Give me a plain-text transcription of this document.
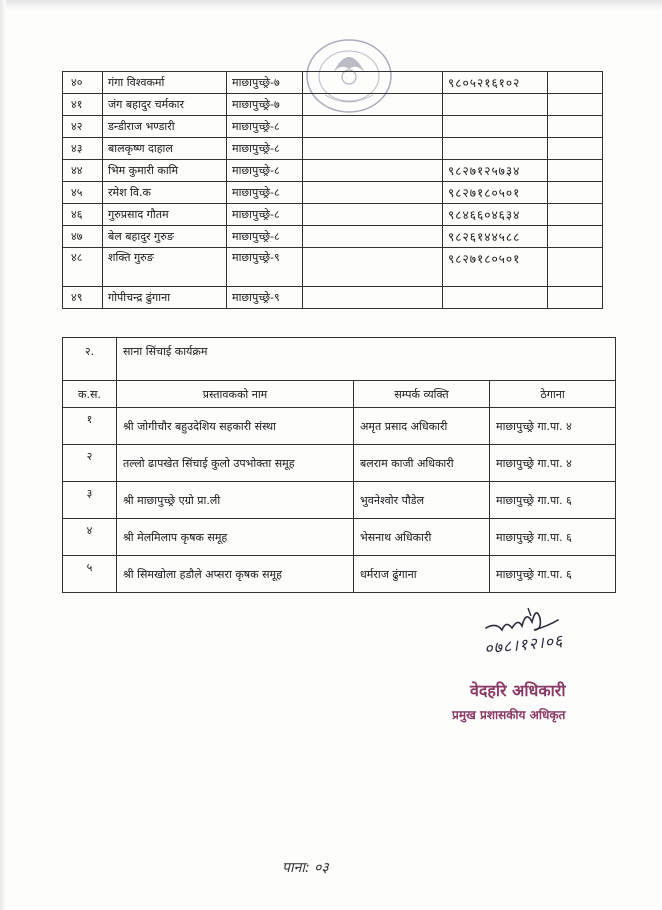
४०	गंगा विश्वकर्मा	माछापुच्छ्रे-७		९८०५२१६१०२	
४१	जंग बहादुर चर्मकार	माछापुच्छ्रे-७			
४२	डन्डीराज भण्डारी	माछापुच्छ्रे-८			
४३	बालकृष्ण दाहाल	माछापुच्छ्रे-८			
४४	भिम कुमारी कामि	माछापुच्छ्रे-८		९८२७१२५७३४	
४५	रमेश वि.क	माछापुच्छ्रे-८		९८२७१८०५०१	
४६	गुरुप्रसाद गौतम	माछापुच्छ्रे-८		९८४६६०४६३४	
४७	बेल बहादुर गुरुङ	माछापुच्छ्रे-८		९८२६१४४५८८	
४८	शक्ति गुरुङ	माछापुच्छ्रे-९		९८२७१८०५०१	
४९	गोपीचन्द्र ढुंगाना	माछापुच्छ्रे-९			
२.	साना सिंचाई कार्यक्रम		
क.स.	प्रस्तावकको नाम	सम्पर्क व्यक्ति	ठेगाना
१	श्री जोगीचौर बहुउदेशिय सहकारी संस्था	अमृत प्रसाद अधिकारी	माछापुच्छ्रे गा.पा. ४
२	तल्लो ढापखेत सिंचाई कुलो उपभोक्ता समूह	बलराम काजी अधिकारी	माछापुच्छ्रे गा.पा. ४
३	श्री माछापुच्छ्रे एग्रो प्रा.ली	भुवनेश्वोर पौडेल	माछापुच्छ्रे गा.पा. ६
४	श्री मेलमिलाप कृषक समूह	भेसनाथ अधिकारी	माछापुच्छ्रे गा.पा. ६
५	श्री सिमखोला हडौले अप्सरा कृषक समूह	धर्मराज ढुंगाना	माछापुच्छ्रे गा.पा. ६
०७८।१२।०६
वेदहरि अधिकारी
प्रमुख प्रशासकीय अधिकृत
पाना: ०३
